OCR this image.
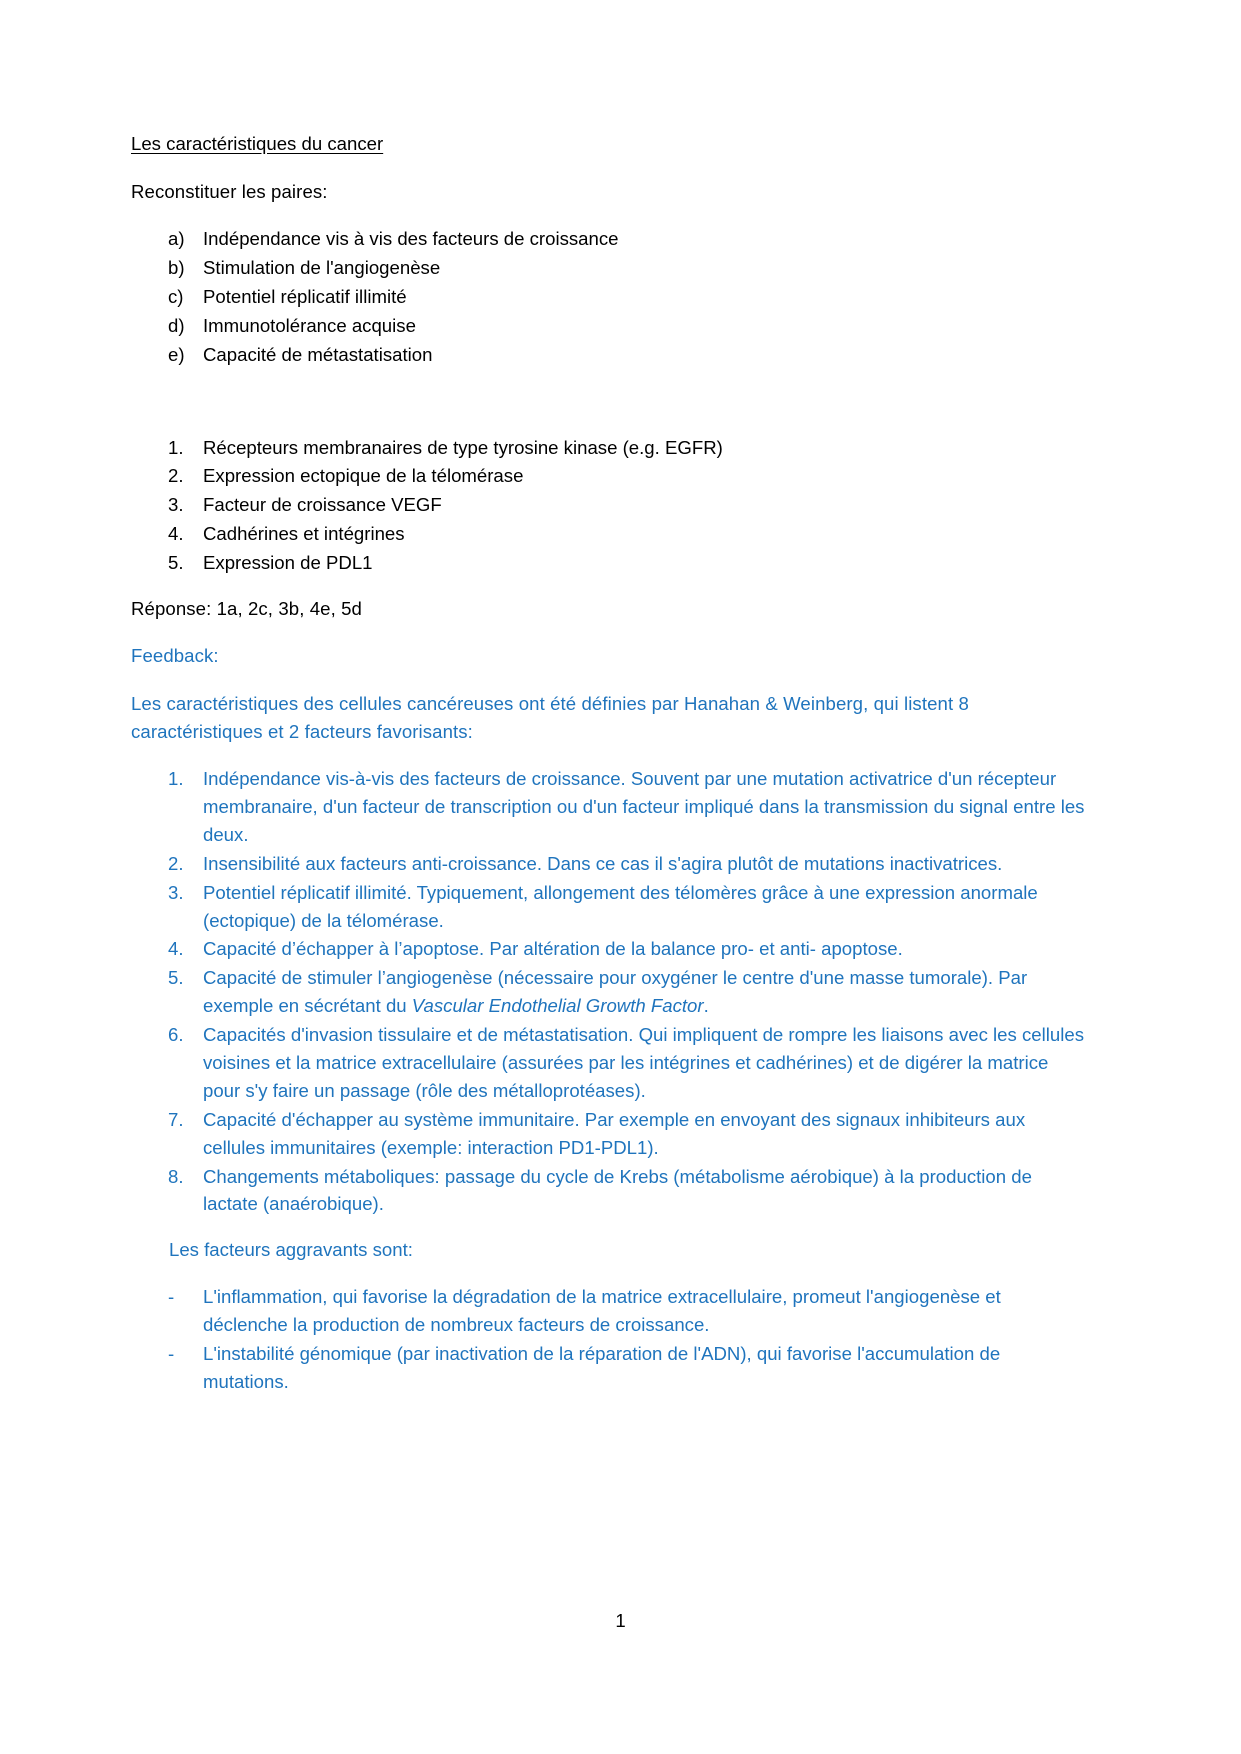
Les caractéristiques du cancer

Reconstituer les paires:

a) Indépendance vis à vis des facteurs de croissance
b) Stimulation de l'angiogenèse
c)	Potentiel réplicatif illimité
d) Immunotolérance acquise
e) Capacité de métastatisation
1.	Récepteurs membranaires de type tyrosine kinase (e.g. EGFR)
2.	Expression ectopique de la télomérase
3.	Facteur de croissance VEGF
4.	Cadhérines et intégrines
5.	Expression de PDL1

Réponse: 1a, 2c, 3b, 4e, 5d

Feedback:

Les caractéristiques des cellules cancéreuses ont été définies par Hanahan & Weinberg, qui listent 8 caractéristiques et 2 facteurs favorisants:

1.	Indépendance vis-à-vis des facteurs de croissance. Souvent par une mutation activatrice d'un récepteur membranaire, d'un facteur de transcription ou d'un facteur impliqué dans la transmission du signal entre les deux.
2.	Insensibilité aux facteurs anti-croissance. Dans ce cas il s'agira plutôt de mutations inactivatrices.
3.	Potentiel réplicatif illimité. Typiquement, allongement des télomères grâce à une expression anormale (ectopique) de la télomérase.
4.	Capacité d’échapper à l’apoptose. Par altération de la balance pro- et anti- apoptose.
5.	Capacité de stimuler l’angiogenèse (nécessaire pour oxygéner le centre d'une masse tumorale). Par exemple en sécrétant du Vascular Endothelial Growth Factor.
6.	Capacités d'invasion tissulaire et de métastatisation. Qui impliquent de rompre les liaisons avec les cellules voisines et la matrice extracellulaire (assurées par les intégrines et cadhérines) et de digérer la matrice pour s'y faire un passage (rôle des métalloprotéases).
7.	Capacité d'échapper au système immunitaire. Par exemple en envoyant des signaux inhibiteurs aux cellules immunitaires (exemple: interaction PD1-PDL1).
8.	Changements métaboliques: passage du cycle de Krebs (métabolisme aérobique) à la production de lactate (anaérobique).

Les facteurs aggravants sont:

-	L'inflammation, qui favorise la dégradation de la matrice extracellulaire, promeut l'angiogenèse et déclenche la production de nombreux facteurs de croissance.
-	L'instabilité génomique (par inactivation de la réparation de l'ADN), qui favorise l'accumulation de mutations.
1
